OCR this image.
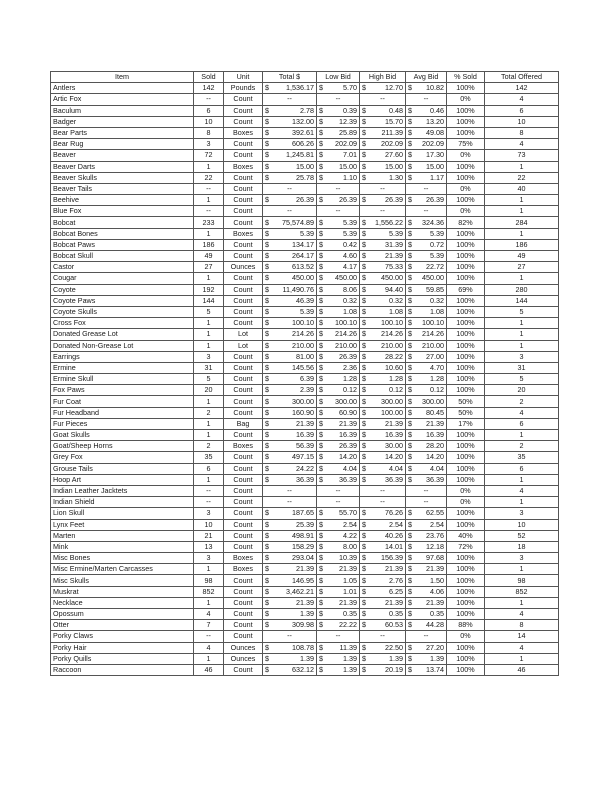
Item	Sold	Unit	Total $	Low Bid	High Bid	Avg Bid	% Sold	Total Offered
Antlers	142	Pounds	$ 1,536.17	$ 5.70	$ 12.70	$ 10.82	100%	142
Artic Fox	--	Count	--	--	--	--	0%	4
Baculum	6	Count	$ 2.78	$ 0.39	$ 0.48	$ 0.46	100%	6
Badger	10	Count	$ 132.00	$ 12.39	$ 15.70	$ 13.20	100%	10
Bear Parts	8	Boxes	$ 392.61	$ 25.89	$ 211.39	$ 49.08	100%	8
Bear Rug	3	Count	$ 606.26	$ 202.09	$ 202.09	$ 202.09	75%	4
Beaver	72	Count	$ 1,245.81	$ 7.01	$ 27.60	$ 17.30	0%	73
Beaver Darts	1	Boxes	$ 15.00	$ 15.00	$ 15.00	$ 15.00	100%	1
Beaver Skulls	22	Count	$ 25.78	$ 1.10	$ 1.30	$ 1.17	100%	22
Beaver Tails	--	Count	--	--	--	--	0%	40
Beehive	1	Count	$ 26.39	$ 26.39	$ 26.39	$ 26.39	100%	1
Blue Fox	--	Count	--	--	--	--	0%	1
Bobcat	233	Count	$ 75,574.89	$ 5.39	$ 1,556.22	$ 324.36	82%	284
Bobcat Bones	1	Boxes	$ 5.39	$ 5.39	$ 5.39	$ 5.39	100%	1
Bobcat Paws	186	Count	$ 134.17	$ 0.42	$ 31.39	$ 0.72	100%	186
Bobcat Skull	49	Count	$ 264.17	$ 4.60	$ 21.39	$ 5.39	100%	49
Castor	27	Ounces	$ 613.52	$ 4.17	$ 75.33	$ 22.72	100%	27
Cougar	1	Count	$ 450.00	$ 450.00	$ 450.00	$ 450.00	100%	1
Coyote	192	Count	$ 11,490.76	$ 8.06	$ 94.40	$ 59.85	69%	280
Coyote Paws	144	Count	$ 46.39	$ 0.32	$ 0.32	$ 0.32	100%	144
Coyote Skulls	5	Count	$ 5.39	$ 1.08	$ 1.08	$ 1.08	100%	5
Cross Fox	1	Count	$ 100.10	$ 100.10	$ 100.10	$ 100.10	100%	1
Donated Grease Lot	1	Lot	$ 214.26	$ 214.26	$ 214.26	$ 214.26	100%	1
Donated Non-Grease Lot	1	Lot	$ 210.00	$ 210.00	$ 210.00	$ 210.00	100%	1
Earrings	3	Count	$ 81.00	$ 26.39	$ 28.22	$ 27.00	100%	3
Ermine	31	Count	$ 145.56	$ 2.36	$ 10.60	$ 4.70	100%	31
Ermine Skull	5	Count	$ 6.39	$ 1.28	$ 1.28	$ 1.28	100%	5
Fox Paws	20	Count	$ 2.39	$ 0.12	$ 0.12	$ 0.12	100%	20
Fur Coat	1	Count	$ 300.00	$ 300.00	$ 300.00	$ 300.00	50%	2
Fur Headband	2	Count	$ 160.90	$ 60.90	$ 100.00	$ 80.45	50%	4
Fur Pieces	1	Bag	$ 21.39	$ 21.39	$ 21.39	$ 21.39	17%	6
Goat Skulls	1	Count	$ 16.39	$ 16.39	$ 16.39	$ 16.39	100%	1
Goat/Sheep Horns	2	Boxes	$ 56.39	$ 26.39	$ 30.00	$ 28.20	100%	2
Grey Fox	35	Count	$ 497.15	$ 14.20	$ 14.20	$ 14.20	100%	35
Grouse Tails	6	Count	$ 24.22	$ 4.04	$ 4.04	$ 4.04	100%	6
Hoop Art	1	Count	$ 36.39	$ 36.39	$ 36.39	$ 36.39	100%	1
Indian Leather Jacktets	--	Count	--	--	--	--	0%	4
Indian Shield	--	Count	--	--	--	--	0%	1
Lion Skull	3	Count	$ 187.65	$ 55.70	$ 76.26	$ 62.55	100%	3
Lynx Feet	10	Count	$ 25.39	$ 2.54	$ 2.54	$ 2.54	100%	10
Marten	21	Count	$ 498.91	$ 4.22	$ 40.26	$ 23.76	40%	52
Mink	13	Count	$ 158.29	$ 8.00	$ 14.01	$ 12.18	72%	18
Misc Bones	3	Boxes	$ 293.04	$ 10.39	$ 156.39	$ 97.68	100%	3
Misc Ermine/Marten Carcasses	1	Boxes	$ 21.39	$ 21.39	$ 21.39	$ 21.39	100%	1
Misc Skulls	98	Count	$ 146.95	$ 1.05	$ 2.76	$ 1.50	100%	98
Muskrat	852	Count	$ 3,462.21	$ 1.01	$ 6.25	$ 4.06	100%	852
Necklace	1	Count	$ 21.39	$ 21.39	$ 21.39	$ 21.39	100%	1
Opossum	4	Count	$ 1.39	$ 0.35	$ 0.35	$ 0.35	100%	4
Otter	7	Count	$ 309.98	$ 22.22	$ 60.53	$ 44.28	88%	8
Porky Claws	--	Count	--	--	--	--	0%	14
Porky Hair	4	Ounces	$ 108.78	$ 11.39	$ 22.50	$ 27.20	100%	4
Porky Quills	1	Ounces	$ 1.39	$ 1.39	$ 1.39	$ 1.39	100%	1
Raccoon	46	Count	$ 632.12	$ 1.39	$ 20.19	$ 13.74	100%	46
